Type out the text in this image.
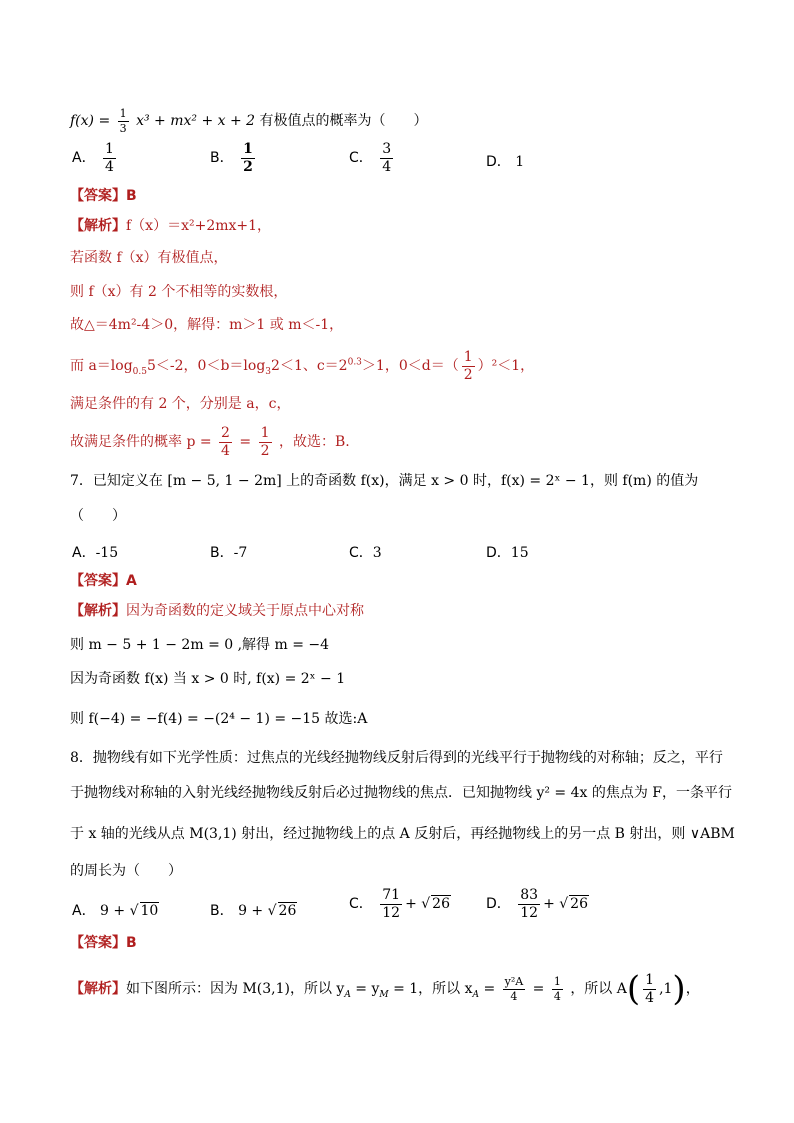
$f(x) = \frac{1}{3} x^3 + mx^2 + x + 2$ 有极值点的概率为（　　）
A． $\frac{1}{4}$	B． $\frac{1}{2}$	C． $\frac{3}{4}$	D． 1
【答案】B
【解析】f（x）＝x²+2mx+1，
若函数 f（x）有极值点，
则 f（x）有 2 个不相等的实数根，
故△＝4m²-4＞0，解得：m＞1 或 m＜-1，
而 $a=\log_{0.5}5<-2$，$0<b=\log_32<1$、$c=2^{0.3}>1$，$0<d=( \frac{1}{2} )^2<1$，
满足条件的有 2 个，分别是 a，c，
故满足条件的概率 $p = \frac{2}{4} = \frac{1}{2}$ ，故选：B.
7．已知定义在 [m − 5, 1 − 2m] 上的奇函数 f(x)，满足 x > 0 时，f(x) = 2ˣ − 1，则 f(m) 的值为
（　　）
A．-15	B．-7	C．3	D．15
【答案】A
【解析】因为奇函数的定义域关于原点中心对称
则 m − 5 + 1 − 2m = 0 ,解得 m = −4
因为奇函数 f(x) 当 x > 0 时, f(x) = 2ˣ − 1
则 f(−4) = −f(4) = −(2⁴ − 1) = −15 故选:A
8．抛物线有如下光学性质：过焦点的光线经抛物线反射后得到的光线平行于抛物线的对称轴；反之，平行
于抛物线对称轴的入射光线经抛物线反射后必过抛物线的焦点．已知抛物线 y² = 4x 的焦点为 F，一条平行
于 x 轴的光线从点 M(3,1) 射出，经过抛物线上的点 A 反射后，再经抛物线上的另一点 B 射出，则 ∨ABM
的周长为（　　）
A． 9 + √ 10	B． 9 + √ 26	C． $\frac{71}{12}$ + √ 26	D． $\frac{83}{12}$ + √ 26
【答案】B
【解析】如下图所示：因为 M(3,1)，所以 $y_A = y_M = 1$，所以 $x_A = \frac{\text{y²A}}{4} = \frac{1}{4}$ ，所以 $A( \frac{1}{4} ,1)$，
